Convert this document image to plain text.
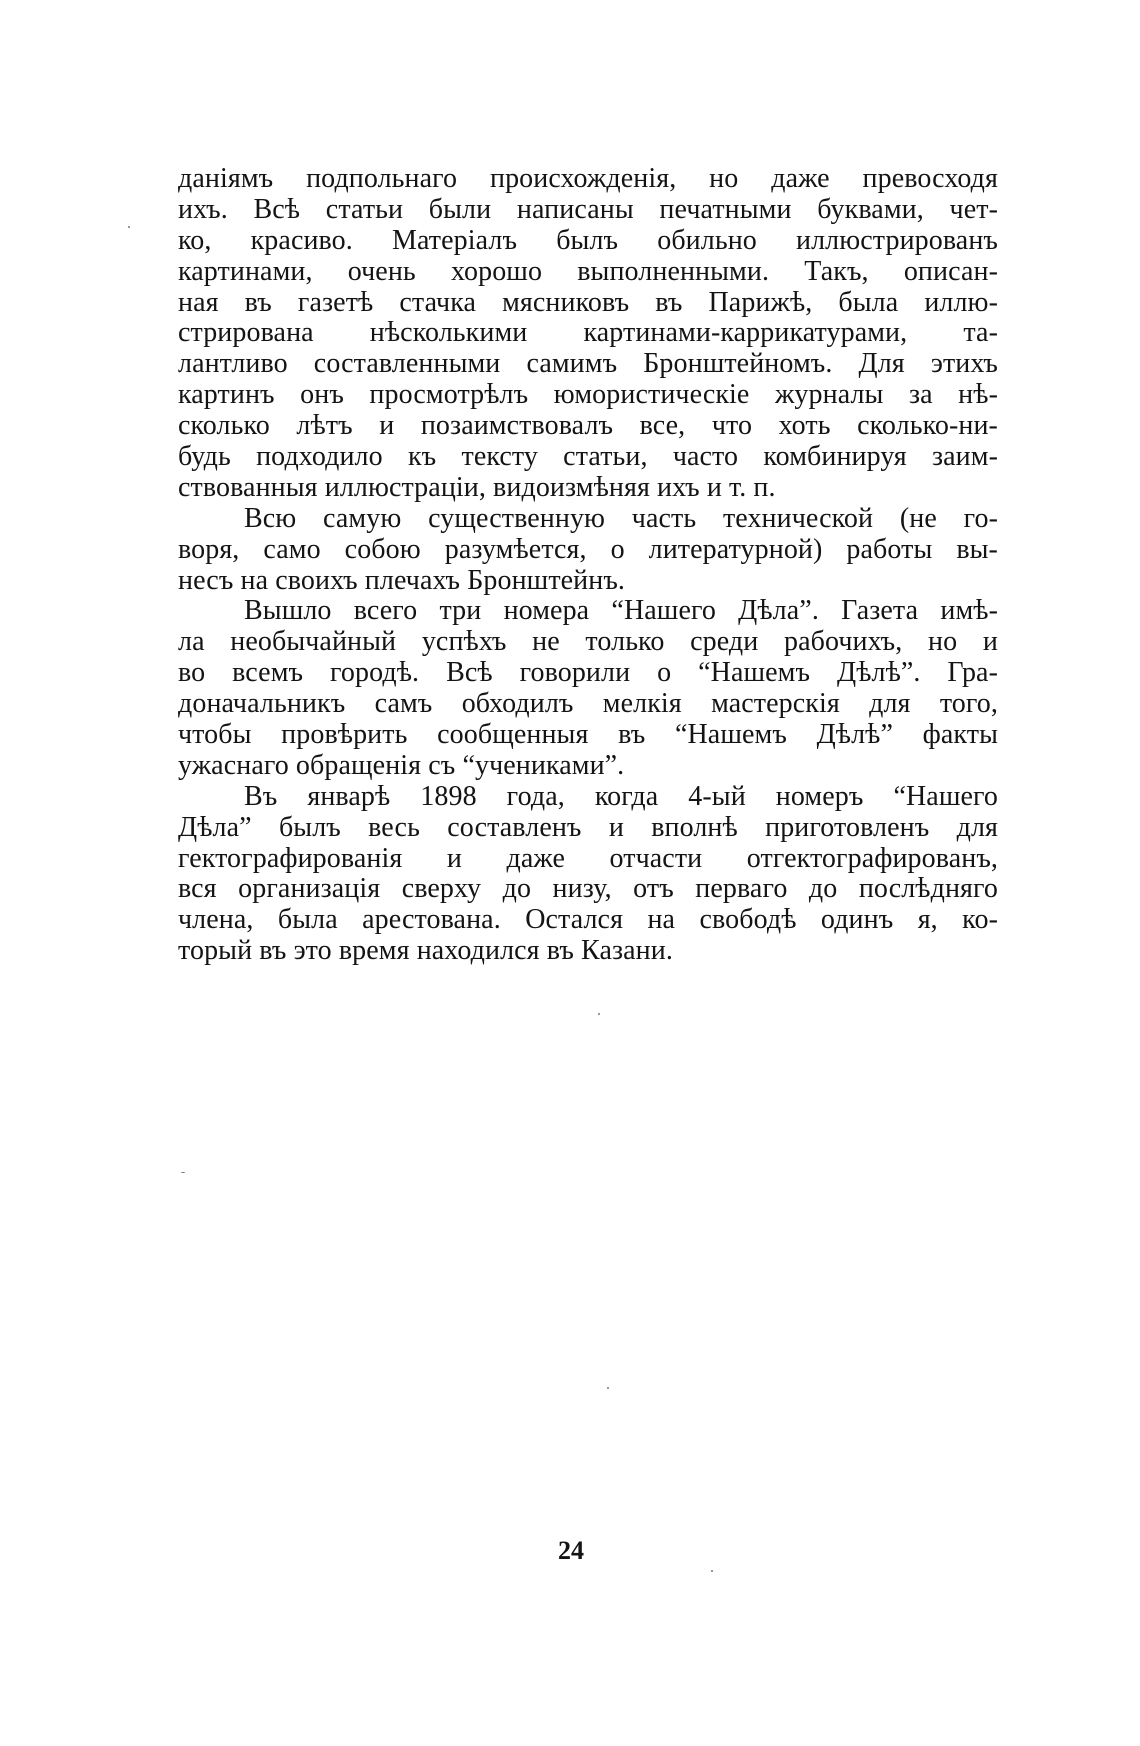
даніямъ подпольнаго происхожденія, но даже превосходя
ихъ. Всѣ статьи были написаны печатными буквами, чет-
ко, красиво. Матеріалъ былъ обильно иллюстрированъ
картинами, очень хорошо выполненными. Такъ, описан-
ная въ газетѣ стачка мясниковъ въ Парижѣ, была иллю-
стрирована нѣсколькими картинами-каррикатурами, та-
лантливо составленными самимъ Бронштейномъ. Для этихъ
картинъ онъ просмотрѣлъ юмористическіе журналы за нѣ-
сколько лѣтъ и позаимствовалъ все, что хоть сколько-ни-
будь подходило къ тексту статьи, часто комбинируя заим-
ствованныя иллюстраціи, видоизмѣняя ихъ и т. п.
Всю самую существенную часть технической (не го-
воря, само собою разумѣется, о литературной) работы вы-
несъ на своихъ плечахъ Бронштейнъ.
Вышло всего три номера “Нашего Дѣла”. Газета имѣ-
ла необычайный успѣхъ не только среди рабочихъ, но и
во всемъ городѣ. Всѣ говорили о “Нашемъ Дѣлѣ”. Гра-
доначальникъ самъ обходилъ мелкія мастерскія для того,
чтобы провѣрить сообщенныя въ “Нашемъ Дѣлѣ” факты
ужаснаго обращенія съ “учениками”.
Въ январѣ 1898 года, когда 4-ый номеръ “Нашего
Дѣла” былъ весь составленъ и вполнѣ приготовленъ для
гектографированія и даже отчасти отгектографированъ,
вся организація сверху до низу, отъ перваго до послѣдняго
члена, была арестована. Остался на свободѣ одинъ я, ко-
торый въ это время находился въ Казани.
24
